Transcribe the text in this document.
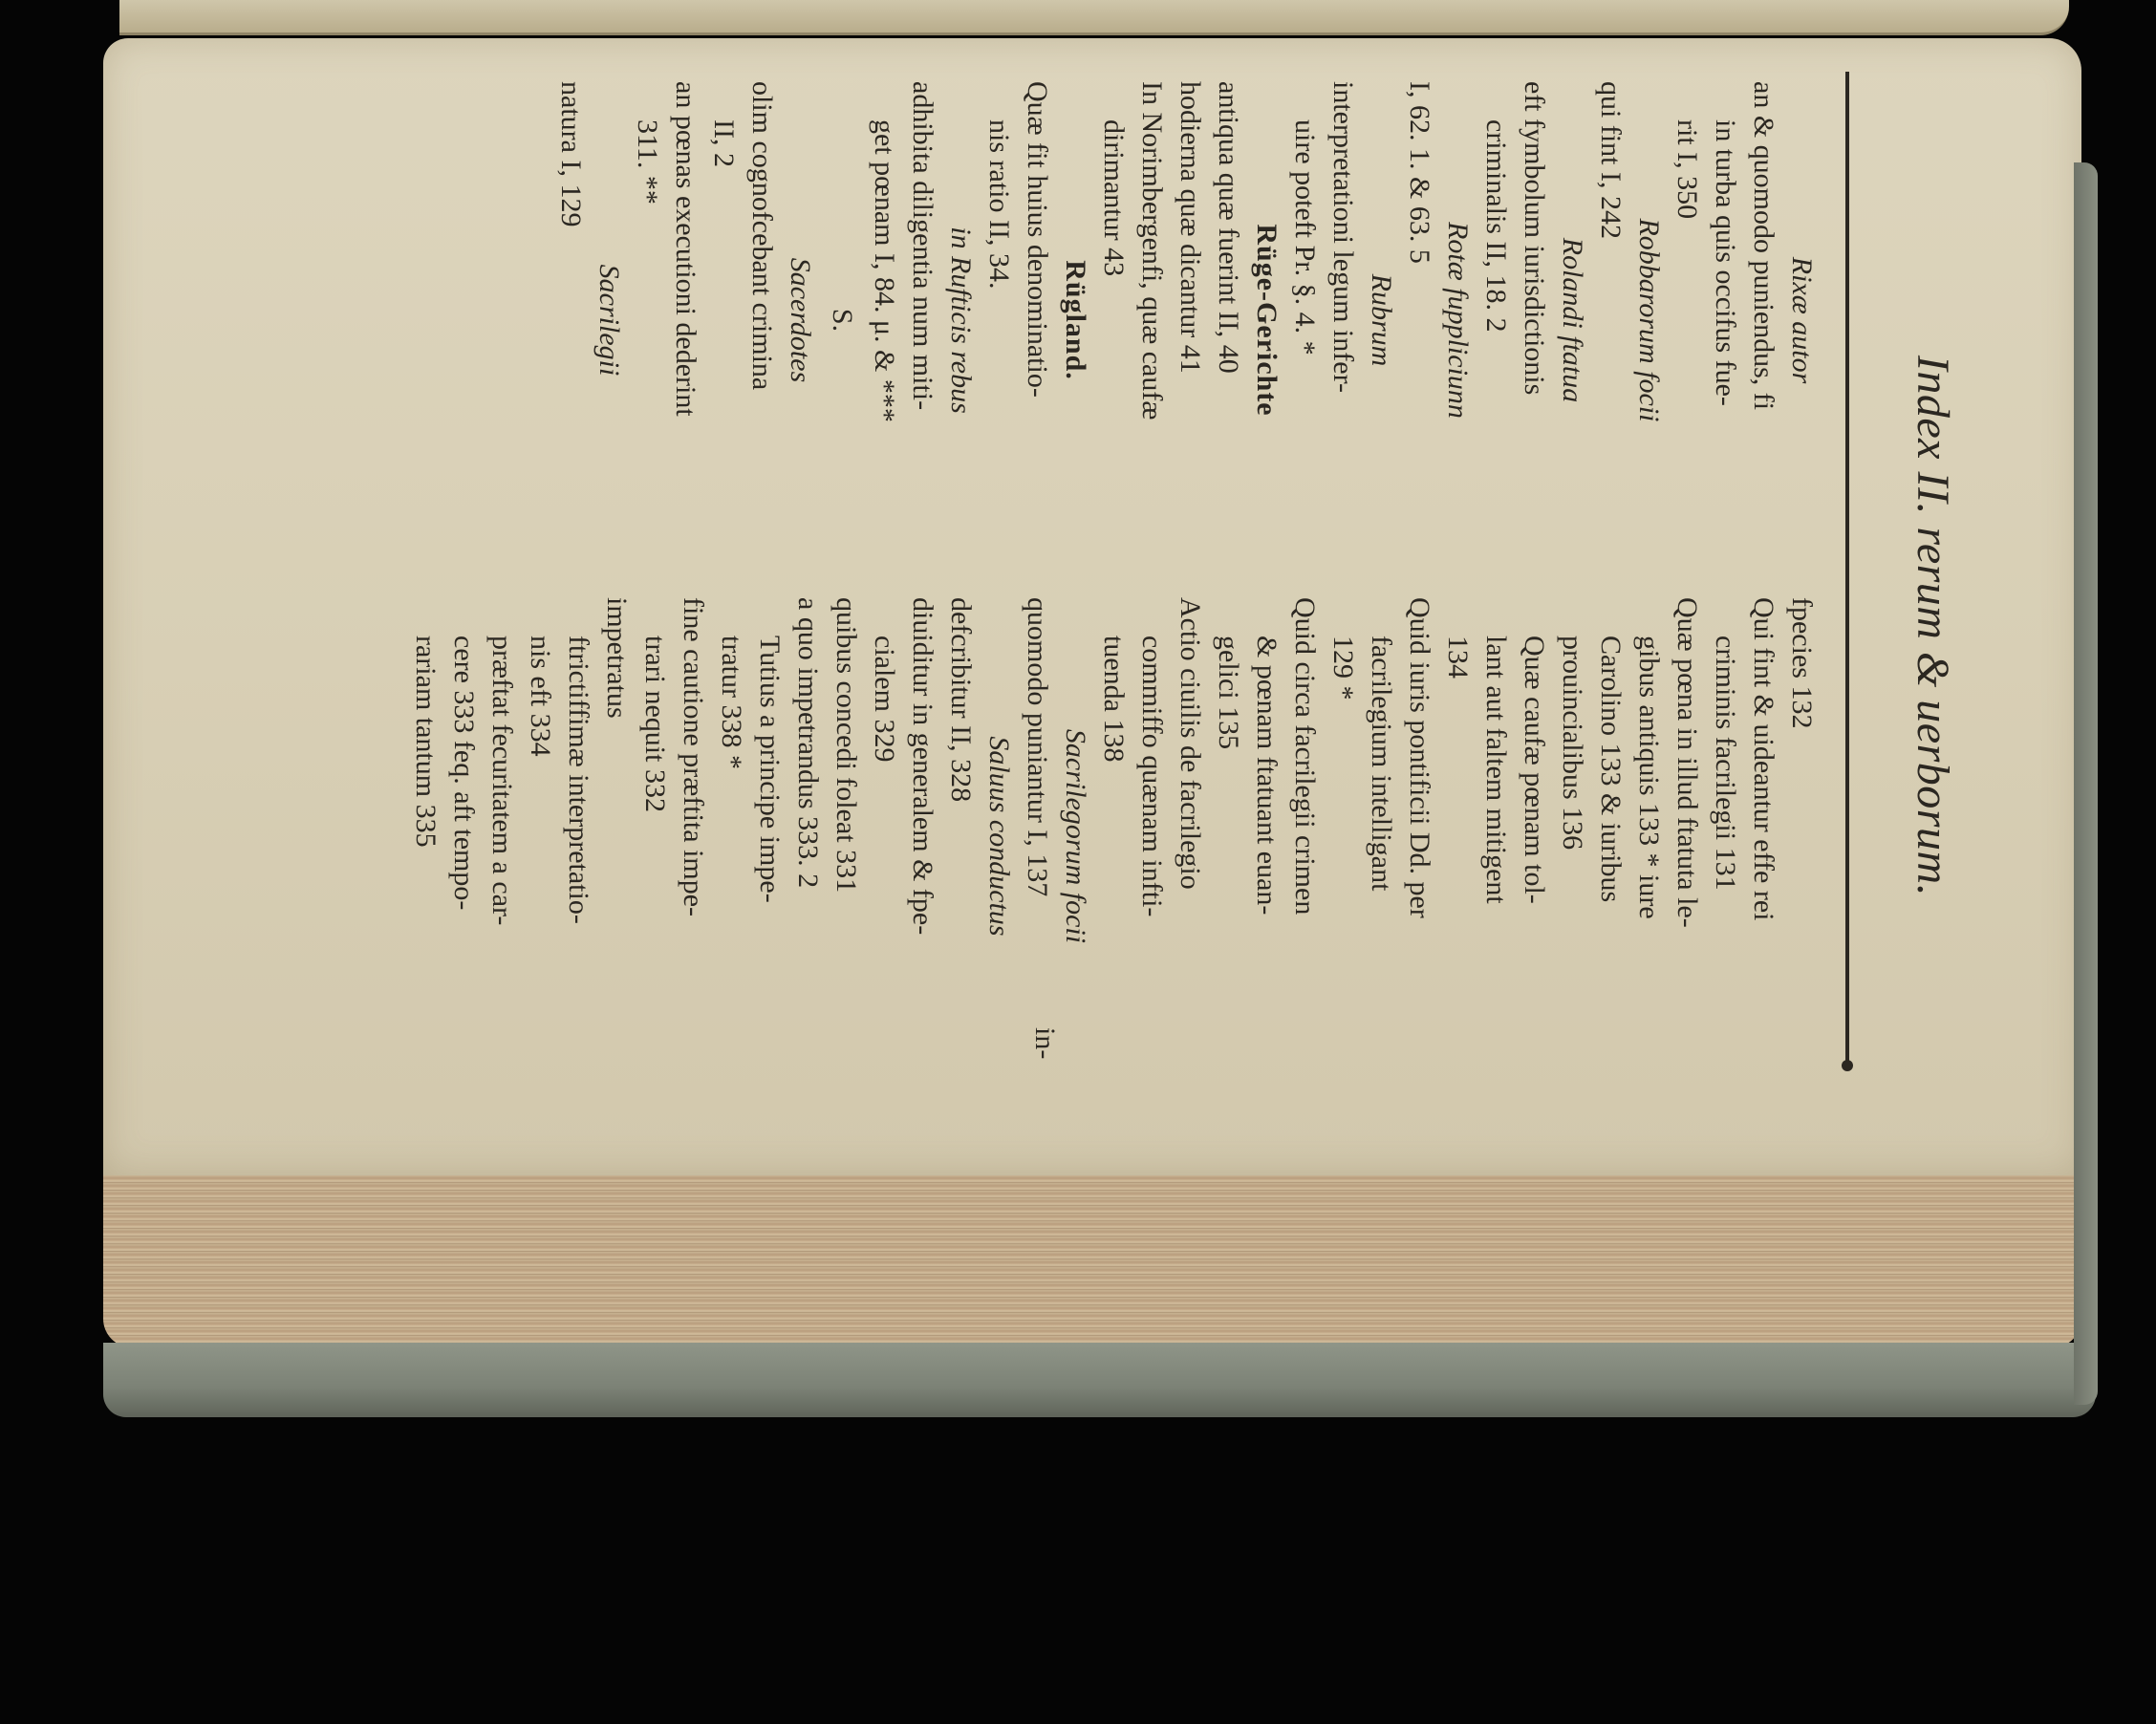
Index II. rerum & uerborum.
Rixæ autor
an & quomodo puniendus, fi
in turba quis occifus fue-
rit I, 350
Robbarorum focii
qui fint I, 242
Rolandi ftatua
eft fymbolum iurisdictionis
criminalis II, 18. 2
Rotæ fuppliciunn
I, 62. 1. & 63. 5
Rubrum
interpretationi legum infer-
uire poteft Pr. §. 4. *
Rüge-Gerichte
antiqua quæ fuerint II, 40
hodierna quæ dicantur 41
In Norimbergenfi, quæ caufæ
dirimantur 43
Rügland.
Quæ fit huius denominatio-
nis ratio II, 34.
in Rufticis rebus
adhibita diligentia num miti-
get pœnam I, 84. μ. & ***
S.
Sacerdotes
olim cognofcebant crimina
II, 2
an pœnas executioni dederint
311. **
Sacrilegii
natura I, 129
fpecies 132
Qui fint & uideantur effe rei
criminis facrilegii 131
Quæ pœna in illud ftatuta le-
gibus antiquis 133 * iure
Carolino 133 & iuribus
prouincialibus 136
Quæ caufæ pœnam tol-
lant aut faltem mitigent
134
Quid iuris pontificii Dd. per
facrilegium intelligant
129 *
Quid circa facrilegii crimen
& pœnam ftatuant euan-
gelici 135
Actio ciuilis de facrilegio
commiffo quænam infti-
tuenda 138
Sacrilegorum focii
quomodo puniantur I, 137
Saluus conductus
defcribitur II, 328
diuiditur in generalem & fpe-
cialem 329
quibus concedi foleat 331
a quo impetrandus 333. 2
Tutius a principe impe-
tratur 338 *
fine cautione præftita impe-
trari nequit 332
impetratus
ftrictiffimæ interpretatio-
nis eft 334
præftat fecuritatem a car-
cere 333 feq. aft tempo-
rariam tantum 335
in-
